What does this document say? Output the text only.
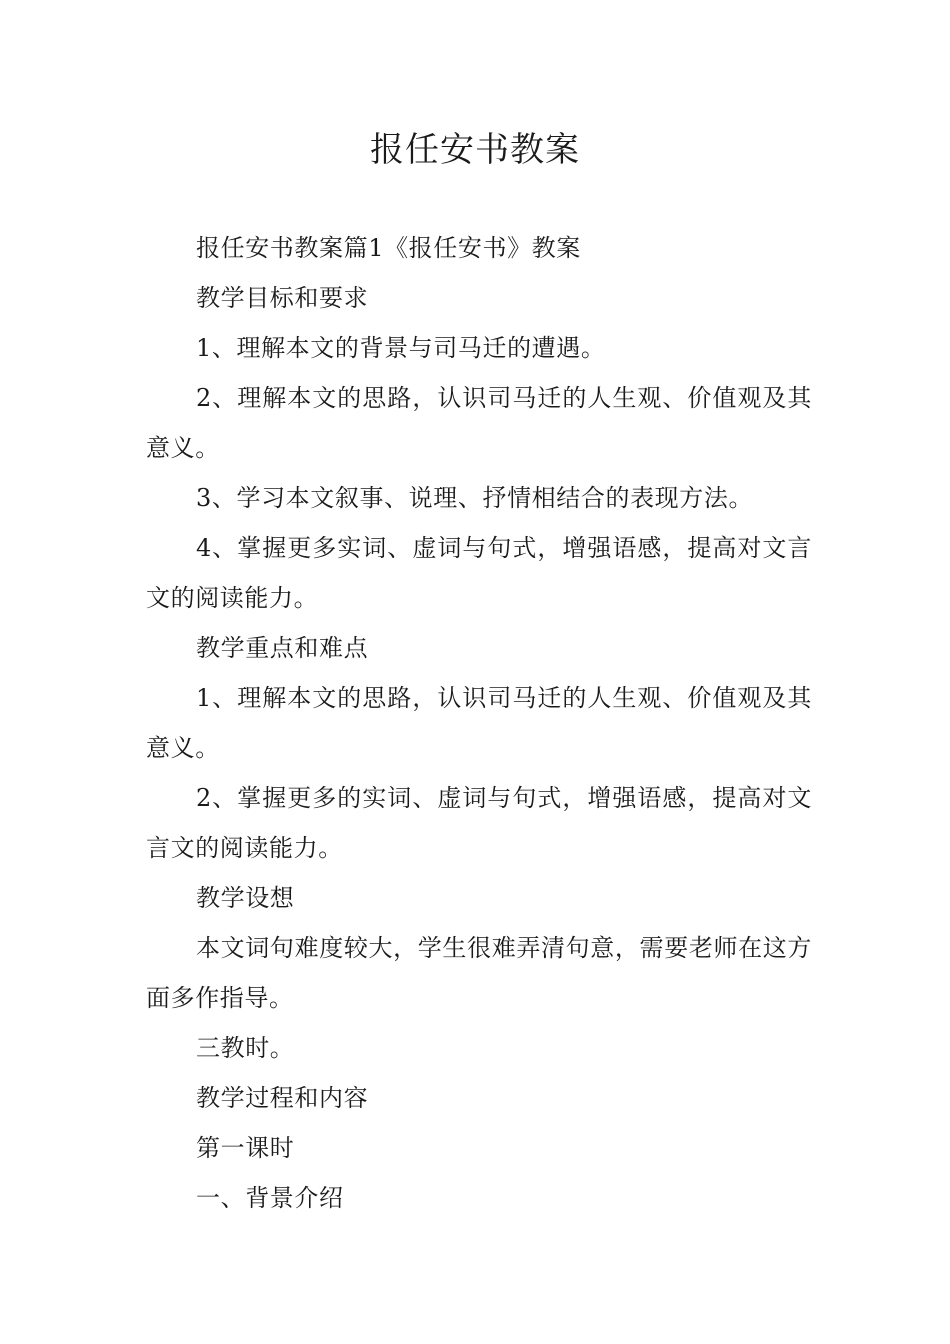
报任安书教案

报任安书教案篇1《报任安书》教案

教学目标和要求

1、理解本文的背景与司马迁的遭遇。

2、理解本文的思路，认识司马迁的人生观、价值观及其意义。

3、学习本文叙事、说理、抒情相结合的表现方法。

4、掌握更多实词、虚词与句式，增强语感，提高对文言文的阅读能力。

教学重点和难点

1、理解本文的思路，认识司马迁的人生观、价值观及其意义。

2、掌握更多的实词、虚词与句式，增强语感，提高对文言文的阅读能力。

教学设想

本文词句难度较大，学生很难弄清句意，需要老师在这方面多作指导。

三教时。

教学过程和内容

第一课时

一、背景介绍
